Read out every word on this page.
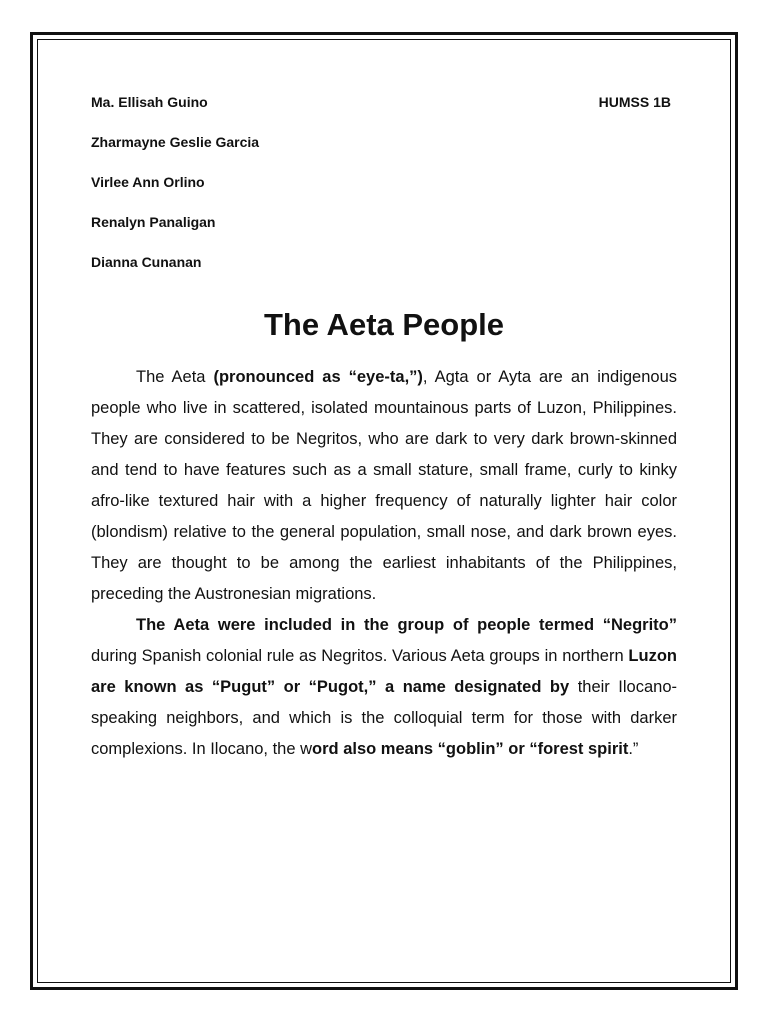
Ma. Ellisah Guino	HUMSS 1B
Zharmayne Geslie Garcia
Virlee Ann Orlino
Renalyn Panaligan
Dianna Cunanan
The Aeta People

The Aeta (pronounced as “eye-ta,”), Agta or Ayta are an indigenous people who live in scattered, isolated mountainous parts of Luzon, Philippines. They are considered to be Negritos, who are dark to very dark brown-skinned and tend to have features such as a small stature, small frame, curly to kinky afro-like textured hair with a higher frequency of naturally lighter hair color (blondism) relative to the general population, small nose, and dark brown eyes. They are thought to be among the earliest inhabitants of the Philippines, preceding the Austronesian migrations.

The Aeta were included in the group of people termed “Negrito” during Spanish colonial rule as Negritos. Various Aeta groups in northern Luzon are known as “Pugut” or “Pugot,” a name designated by their Ilocano-speaking neighbors, and which is the colloquial term for those with darker complexions. In Ilocano, the word also means “goblin” or “forest spirit.”
